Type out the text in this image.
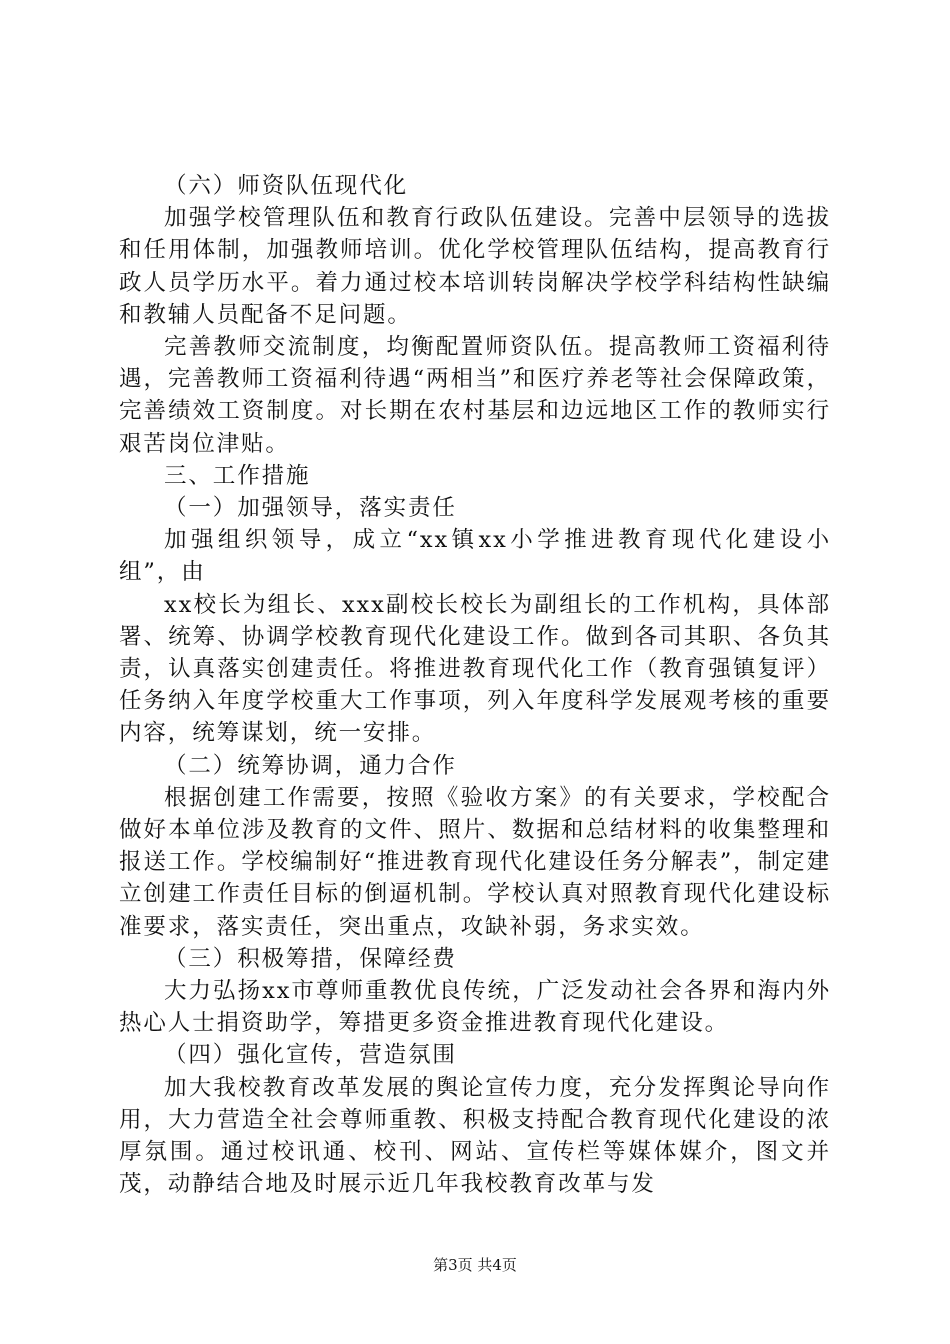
（六）师资队伍现代化

加强学校管理队伍和教育行政队伍建设。完善中层领导的选拔和任用体制，加强教师培训。优化学校管理队伍结构，提高教育行政人员学历水平。着力通过校本培训转岗解决学校学科结构性缺编和教辅人员配备不足问题。

完善教师交流制度，均衡配置师资队伍。提高教师工资福利待遇，完善教师工资福利待遇“两相当”和医疗养老等社会保障政策，完善绩效工资制度。对长期在农村基层和边远地区工作的教师实行艰苦岗位津贴。

三、工作措施

（一）加强领导，落实责任

加强组织领导，成立“xx镇xx小学推进教育现代化建设小组”，由

xx校长为组长、xxx副校长校长为副组长的工作机构，具体部署、统筹、协调学校教育现代化建设工作。做到各司其职、各负其责，认真落实创建责任。将推进教育现代化工作（教育强镇复评）任务纳入年度学校重大工作事项，列入年度科学发展观考核的重要内容，统筹谋划，统一安排。

（二）统筹协调，通力合作

根据创建工作需要，按照《验收方案》的有关要求，学校配合做好本单位涉及教育的文件、照片、数据和总结材料的收集整理和报送工作。学校编制好“推进教育现代化建设任务分解表”，制定建立创建工作责任目标的倒逼机制。学校认真对照教育现代化建设标准要求，落实责任，突出重点，攻缺补弱，务求实效。

（三）积极筹措，保障经费

大力弘扬xx市尊师重教优良传统，广泛发动社会各界和海内外热心人士捐资助学，筹措更多资金推进教育现代化建设。

（四）强化宣传，营造氛围

加大我校教育改革发展的舆论宣传力度，充分发挥舆论导向作用，大力营造全社会尊师重教、积极支持配合教育现代化建设的浓厚氛围。通过校讯通、校刊、网站、宣传栏等媒体媒介，图文并茂，动静结合地及时展示近几年我校教育改革与发

第3页 共4页
